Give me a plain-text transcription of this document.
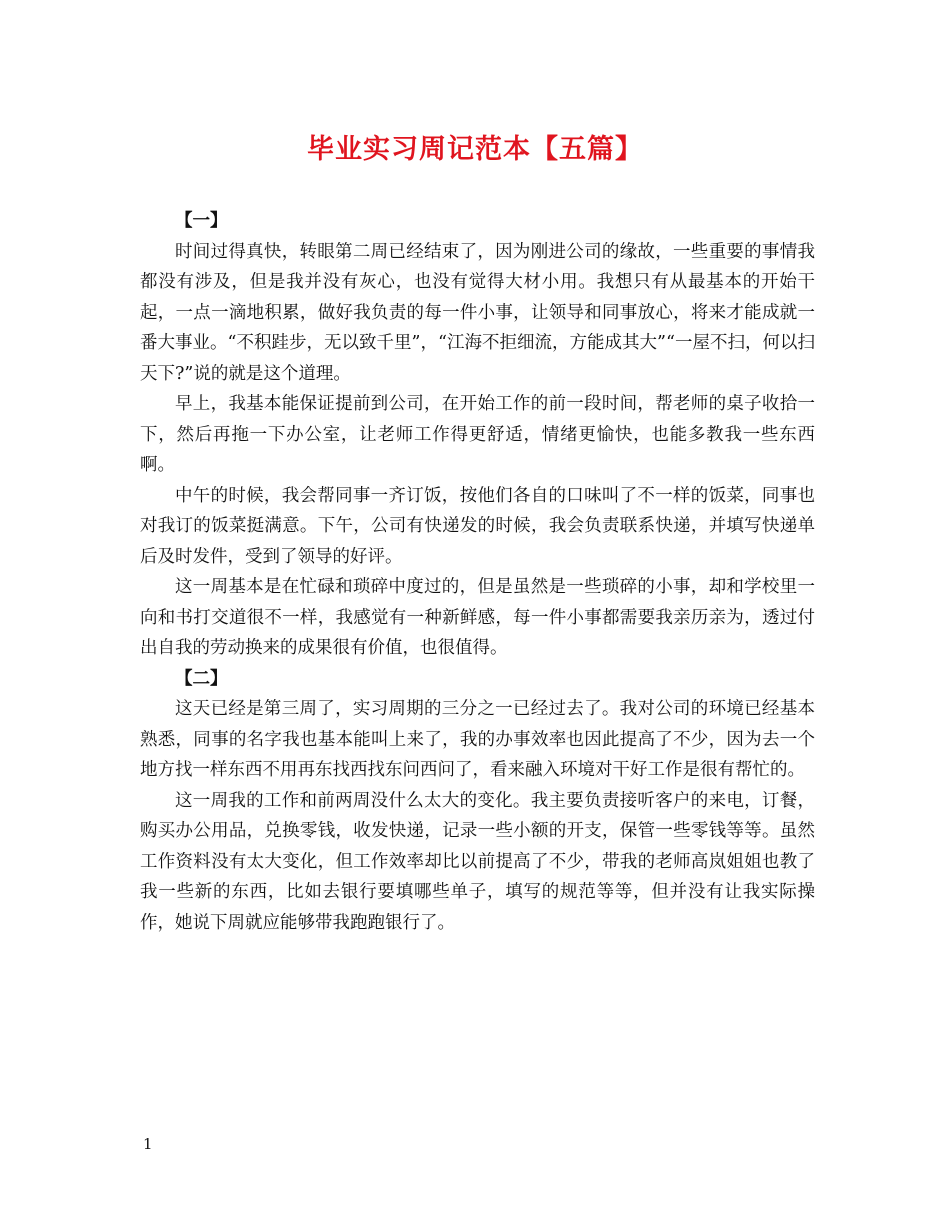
毕业实习周记范本【五篇】

【一】

时间过得真快，转眼第二周已经结束了，因为刚进公司的缘故，一些重要的事情我都没有涉及，但是我并没有灰心，也没有觉得大材小用。我想只有从最基本的开始干起，一点一滴地积累，做好我负责的每一件小事，让领导和同事放心，将来才能成就一番大事业。“不积跬步，无以致千里”，“江海不拒细流，方能成其大”“一屋不扫，何以扫天下?”说的就是这个道理。

早上，我基本能保证提前到公司，在开始工作的前一段时间，帮老师的桌子收拾一下，然后再拖一下办公室，让老师工作得更舒适，情绪更愉快，也能多教我一些东西啊。

中午的时候，我会帮同事一齐订饭，按他们各自的口味叫了不一样的饭菜，同事也对我订的饭菜挺满意。下午，公司有快递发的时候，我会负责联系快递，并填写快递单后及时发件，受到了领导的好评。

这一周基本是在忙碌和琐碎中度过的，但是虽然是一些琐碎的小事，却和学校里一向和书打交道很不一样，我感觉有一种新鲜感，每一件小事都需要我亲历亲为，透过付出自我的劳动换来的成果很有价值，也很值得。

【二】

这天已经是第三周了，实习周期的三分之一已经过去了。我对公司的环境已经基本熟悉，同事的名字我也基本能叫上来了，我的办事效率也因此提高了不少，因为去一个地方找一样东西不用再东找西找东问西问了，看来融入环境对干好工作是很有帮忙的。

这一周我的工作和前两周没什么太大的变化。我主要负责接听客户的来电，订餐，购买办公用品，兑换零钱，收发快递，记录一些小额的开支，保管一些零钱等等。虽然工作资料没有太大变化，但工作效率却比以前提高了不少，带我的老师高岚姐姐也教了我一些新的东西，比如去银行要填哪些单子，填写的规范等等，但并没有让我实际操作，她说下周就应能够带我跑跑银行了。

1
